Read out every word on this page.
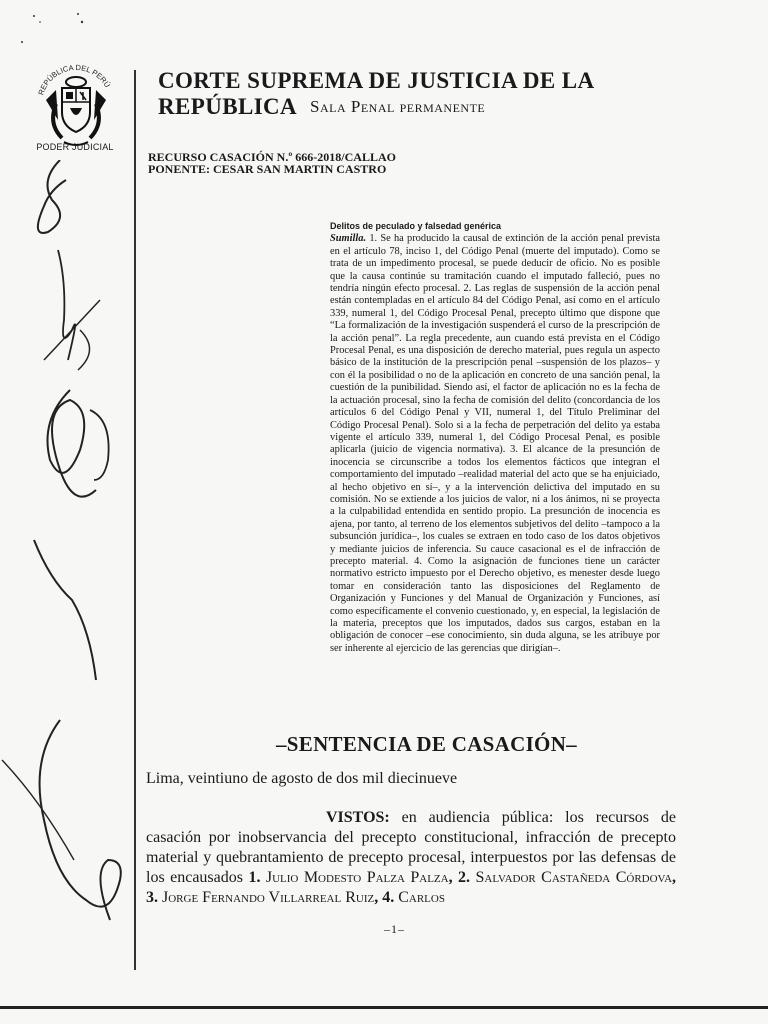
REPÚBLICA DEL PERÚ
PODER JUDICIAL
CORTE SUPREMA DE JUSTICIA DE LA REPÚBLICA Sala Penal permanente
RECURSO CASACIÓN N.º 666-2018/CALLAO
PONENTE: CESAR SAN MARTIN CASTRO
Delitos de peculado y falsedad genérica
Sumilla. 1. Se ha producido la causal de extinción de la acción penal prevista en el artículo 78, inciso 1, del Código Penal (muerte del imputado). Como se trata de un impedimento procesal, se puede deducir de oficio. No es posible que la causa continúe su tramitación cuando el imputado falleció, pues no tendría ningún efecto procesal. 2. Las reglas de suspensión de la acción penal están contempladas en el artículo 84 del Código Penal, así como en el artículo 339, numeral 1, del Código Procesal Penal, precepto último que dispone que “La formalización de la investigación suspenderá el curso de la prescripción de la acción penal”. La regla precedente, aun cuando está prevista en el Código Procesal Penal, es una disposición de derecho material, pues regula un aspecto básico de la institución de la prescripción penal –suspensión de los plazos– y con él la posibilidad o no de la aplicación en concreto de una sanción penal, la cuestión de la punibilidad. Siendo así, el factor de aplicación no es la fecha de la actuación procesal, sino la fecha de comisión del delito (concordancia de los artículos 6 del Código Penal y VII, numeral 1, del Título Preliminar del Código Procesal Penal). Solo si a la fecha de perpetración del delito ya estaba vigente el artículo 339, numeral 1, del Código Procesal Penal, es posible aplicarla (juicio de vigencia normativa). 3. El alcance de la presunción de inocencia se circunscribe a todos los elementos fácticos que integran el comportamiento del imputado –realidad material del acto que se ha enjuiciado, al hecho objetivo en sí–, y a la intervención delictiva del imputado en su comisión. No se extiende a los juicios de valor, ni a los ánimos, ni se proyecta a la culpabilidad entendida en sentido propio. La presunción de inocencia es ajena, por tanto, al terreno de los elementos subjetivos del delito –tampoco a la subsunción jurídica–, los cuales se extraen en todo caso de los datos objetivos y mediante juicios de inferencia. Su cauce casacional es el de infracción de precepto material. 4. Como la asignación de funciones tiene un carácter normativo estricto impuesto por el Derecho objetivo, es menester desde luego tomar en consideración tanto las disposiciones del Reglamento de Organización y Funciones y del Manual de Organización y Funciones, así como específicamente el convenio cuestionado, y, en especial, la legislación de la materia, preceptos que los imputados, dados sus cargos, estaban en la obligación de conocer –ese conocimiento, sin duda alguna, se les atribuye por ser inherente al ejercicio de las gerencias que dirigían–.
–SENTENCIA DE CASACIÓN–
Lima, veintiuno de agosto de dos mil diecinueve
VISTOS: en audiencia pública: los recursos de casación por inobservancia del precepto constitucional, infracción de precepto material y quebrantamiento de precepto procesal, interpuestos por las defensas de los encausados 1. Julio Modesto Palza Palza, 2. Salvador Castañeda Córdova, 3. Jorge Fernando Villarreal Ruiz, 4. Carlos
–1–
